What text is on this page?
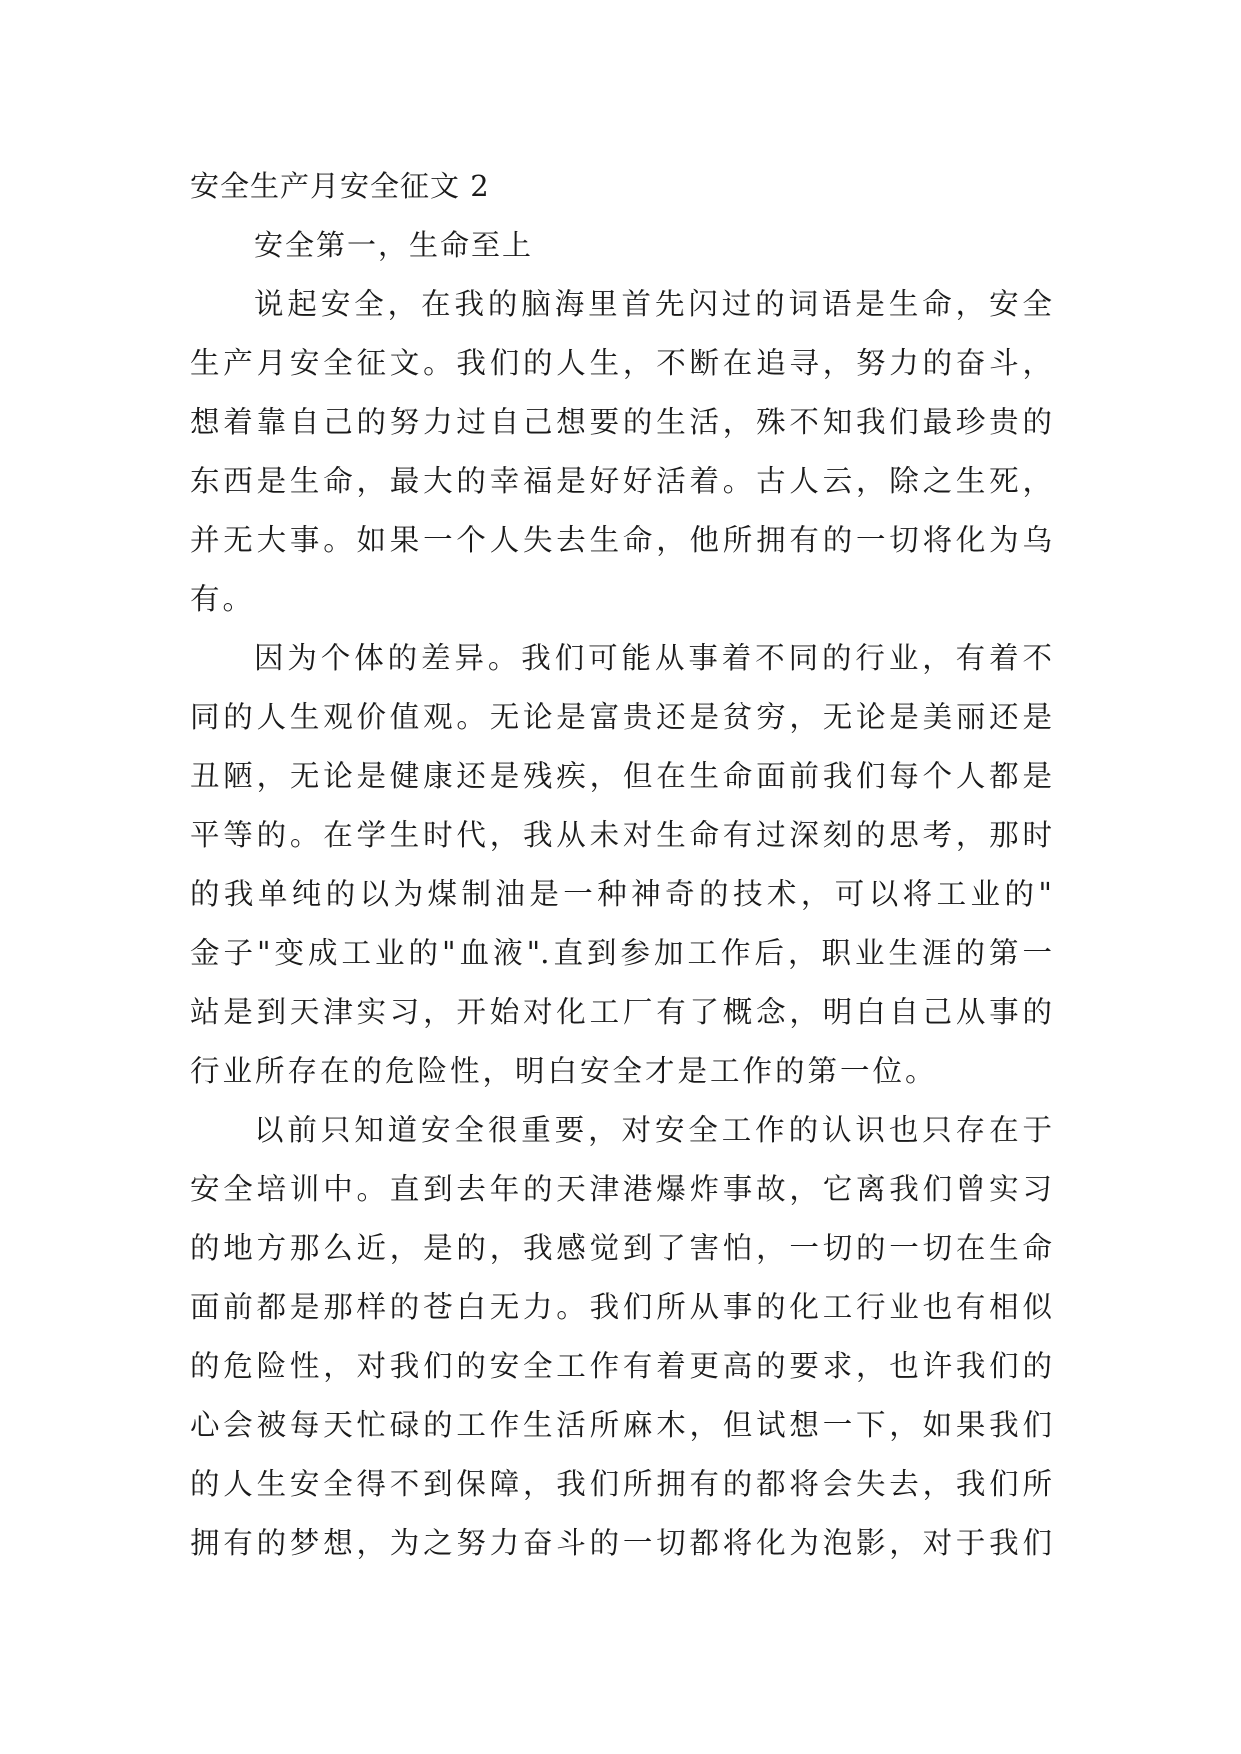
安全生产月安全征文 2
安全第一，生命至上
说起安全，在我的脑海里首先闪过的词语是生命，安全
生产月安全征文。我们的人生，不断在追寻，努力的奋斗，
想着靠自己的努力过自己想要的生活，殊不知我们最珍贵的
东西是生命，最大的幸福是好好活着。古人云，除之生死，
并无大事。如果一个人失去生命，他所拥有的一切将化为乌
有。
因为个体的差异。我们可能从事着不同的行业，有着不
同的人生观价值观。无论是富贵还是贫穷，无论是美丽还是
丑陋，无论是健康还是残疾，但在生命面前我们每个人都是
平等的。在学生时代，我从未对生命有过深刻的思考，那时
的我单纯的以为煤制油是一种神奇的技术，可以将工业的"
金子"变成工业的"血液".直到参加工作后，职业生涯的第一
站是到天津实习，开始对化工厂有了概念，明白自己从事的
行业所存在的危险性，明白安全才是工作的第一位。
以前只知道安全很重要，对安全工作的认识也只存在于
安全培训中。直到去年的天津港爆炸事故，它离我们曾实习
的地方那么近，是的，我感觉到了害怕，一切的一切在生命
面前都是那样的苍白无力。我们所从事的化工行业也有相似
的危险性，对我们的安全工作有着更高的要求，也许我们的
心会被每天忙碌的工作生活所麻木，但试想一下，如果我们
的人生安全得不到保障，我们所拥有的都将会失去，我们所
拥有的梦想，为之努力奋斗的一切都将化为泡影，对于我们
